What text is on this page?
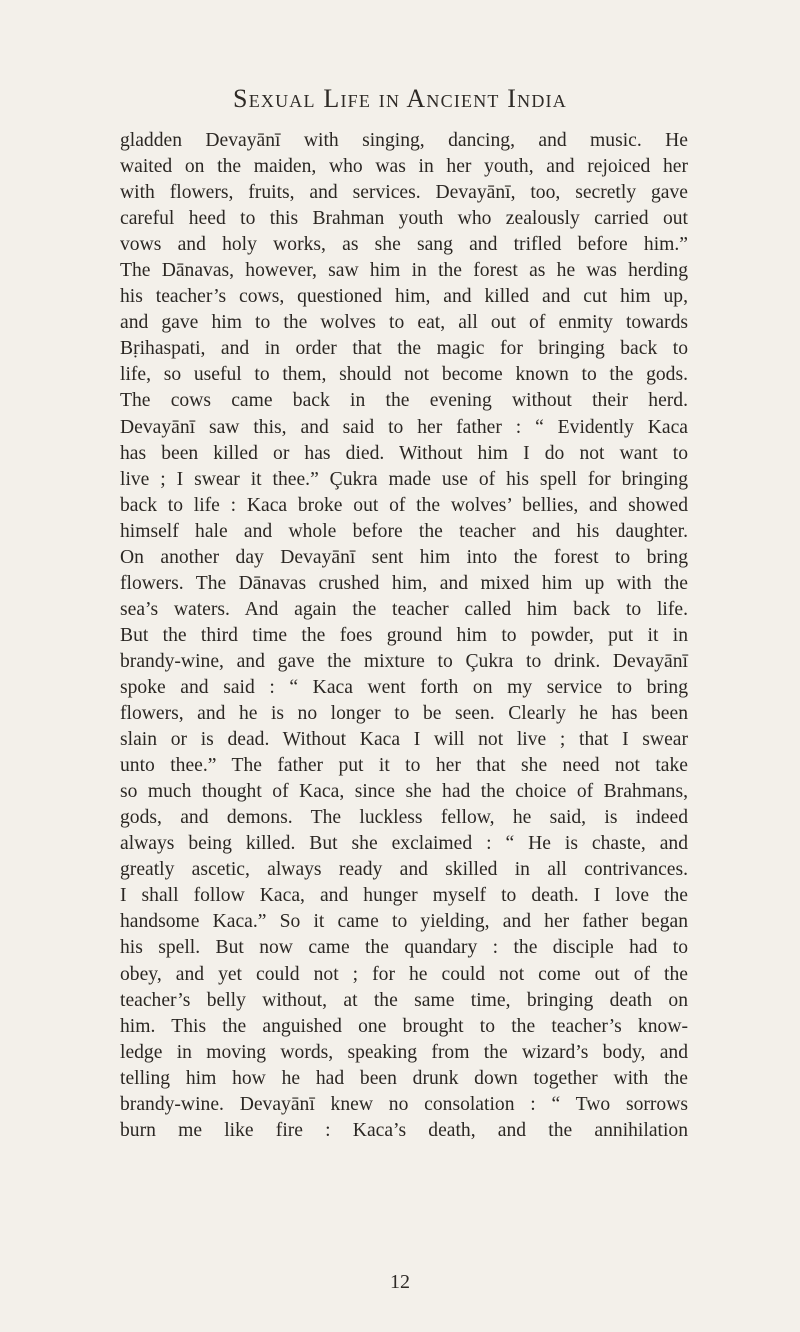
Sexual Life in Ancient India
gladden Devayānī with singing, dancing, and music. He
waited on the maiden, who was in her youth, and rejoiced her
with flowers, fruits, and services. Devayānī, too, secretly gave
careful heed to this Brahman youth who zealously carried out
vows and holy works, as she sang and trifled before him.”
The Dānavas, however, saw him in the forest as he was herding
his teacher’s cows, questioned him, and killed and cut him up,
and gave him to the wolves to eat, all out of enmity towards
Bṛihaspati, and in order that the magic for bringing back to
life, so useful to them, should not become known to the gods.
The cows came back in the evening without their herd.
Devayānī saw this, and said to her father : “ Evidently Kaca
has been killed or has died. Without him I do not want to
live ; I swear it thee.” Çukra made use of his spell for bringing
back to life : Kaca broke out of the wolves’ bellies, and showed
himself hale and whole before the teacher and his daughter.
On another day Devayānī sent him into the forest to bring
flowers. The Dānavas crushed him, and mixed him up with the
sea’s waters. And again the teacher called him back to life.
But the third time the foes ground him to powder, put it in
brandy-wine, and gave the mixture to Çukra to drink. Devayānī
spoke and said : “ Kaca went forth on my service to bring
flowers, and he is no longer to be seen. Clearly he has been
slain or is dead. Without Kaca I will not live ; that I swear
unto thee.” The father put it to her that she need not take
so much thought of Kaca, since she had the choice of Brahmans,
gods, and demons. The luckless fellow, he said, is indeed
always being killed. But she exclaimed : “ He is chaste, and
greatly ascetic, always ready and skilled in all contrivances.
I shall follow Kaca, and hunger myself to death. I love the
handsome Kaca.” So it came to yielding, and her father began
his spell. But now came the quandary : the disciple had to
obey, and yet could not ; for he could not come out of the
teacher’s belly without, at the same time, bringing death on
him. This the anguished one brought to the teacher’s know-
ledge in moving words, speaking from the wizard’s body, and
telling him how he had been drunk down together with the
brandy-wine. Devayānī knew no consolation : “ Two sorrows
burn me like fire : Kaca’s death, and the annihilation
12
